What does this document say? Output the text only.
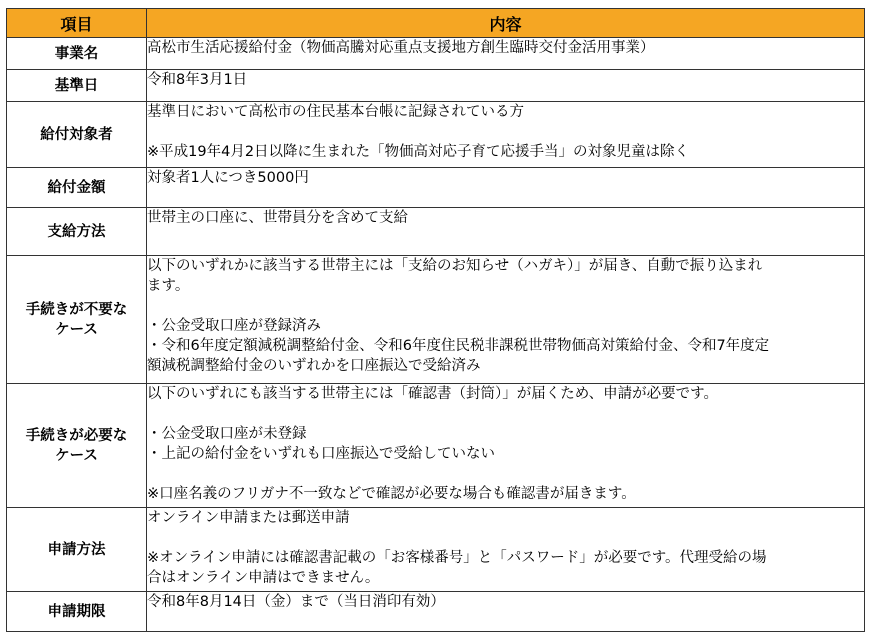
項目	内容

事業名	高松市生活応援給付金（物価高騰対応重点支援地方創生臨時交付金活用事業）

基準日	令和8年3月1日

給付対象者	基準日において高松市の住民基本台帳に記録されている方
※平成19年4月2日以降に生まれた「物価高対応子育て応援手当」の対象児童は除く

給付金額	対象者1人につき5000円

支給方法	世帯主の口座に、世帯員分を含めて支給

手続きが不要な
ケース	以下のいずれかに該当する世帯主には「支給のお知らせ（ハガキ）」が届き、自動で振り込まれ
ます。
・公金受取口座が登録済み
・令和6年度定額減税調整給付金、令和6年度住民税非課税世帯物価高対策給付金、令和7年度定
額減税調整給付金のいずれかを口座振込で受給済み

手続きが必要な
ケース	以下のいずれにも該当する世帯主には「確認書（封筒）」が届くため、申請が必要です。
・公金受取口座が未登録
・上記の給付金をいずれも口座振込で受給していない
※口座名義のフリガナ不一致などで確認が必要な場合も確認書が届きます。

申請方法	オンライン申請または郵送申請
※オンライン申請には確認書記載の「お客様番号」と「パスワード」が必要です。代理受給の場
合はオンライン申請はできません。

申請期限	令和8年8月14日（金）まで（当日消印有効）
